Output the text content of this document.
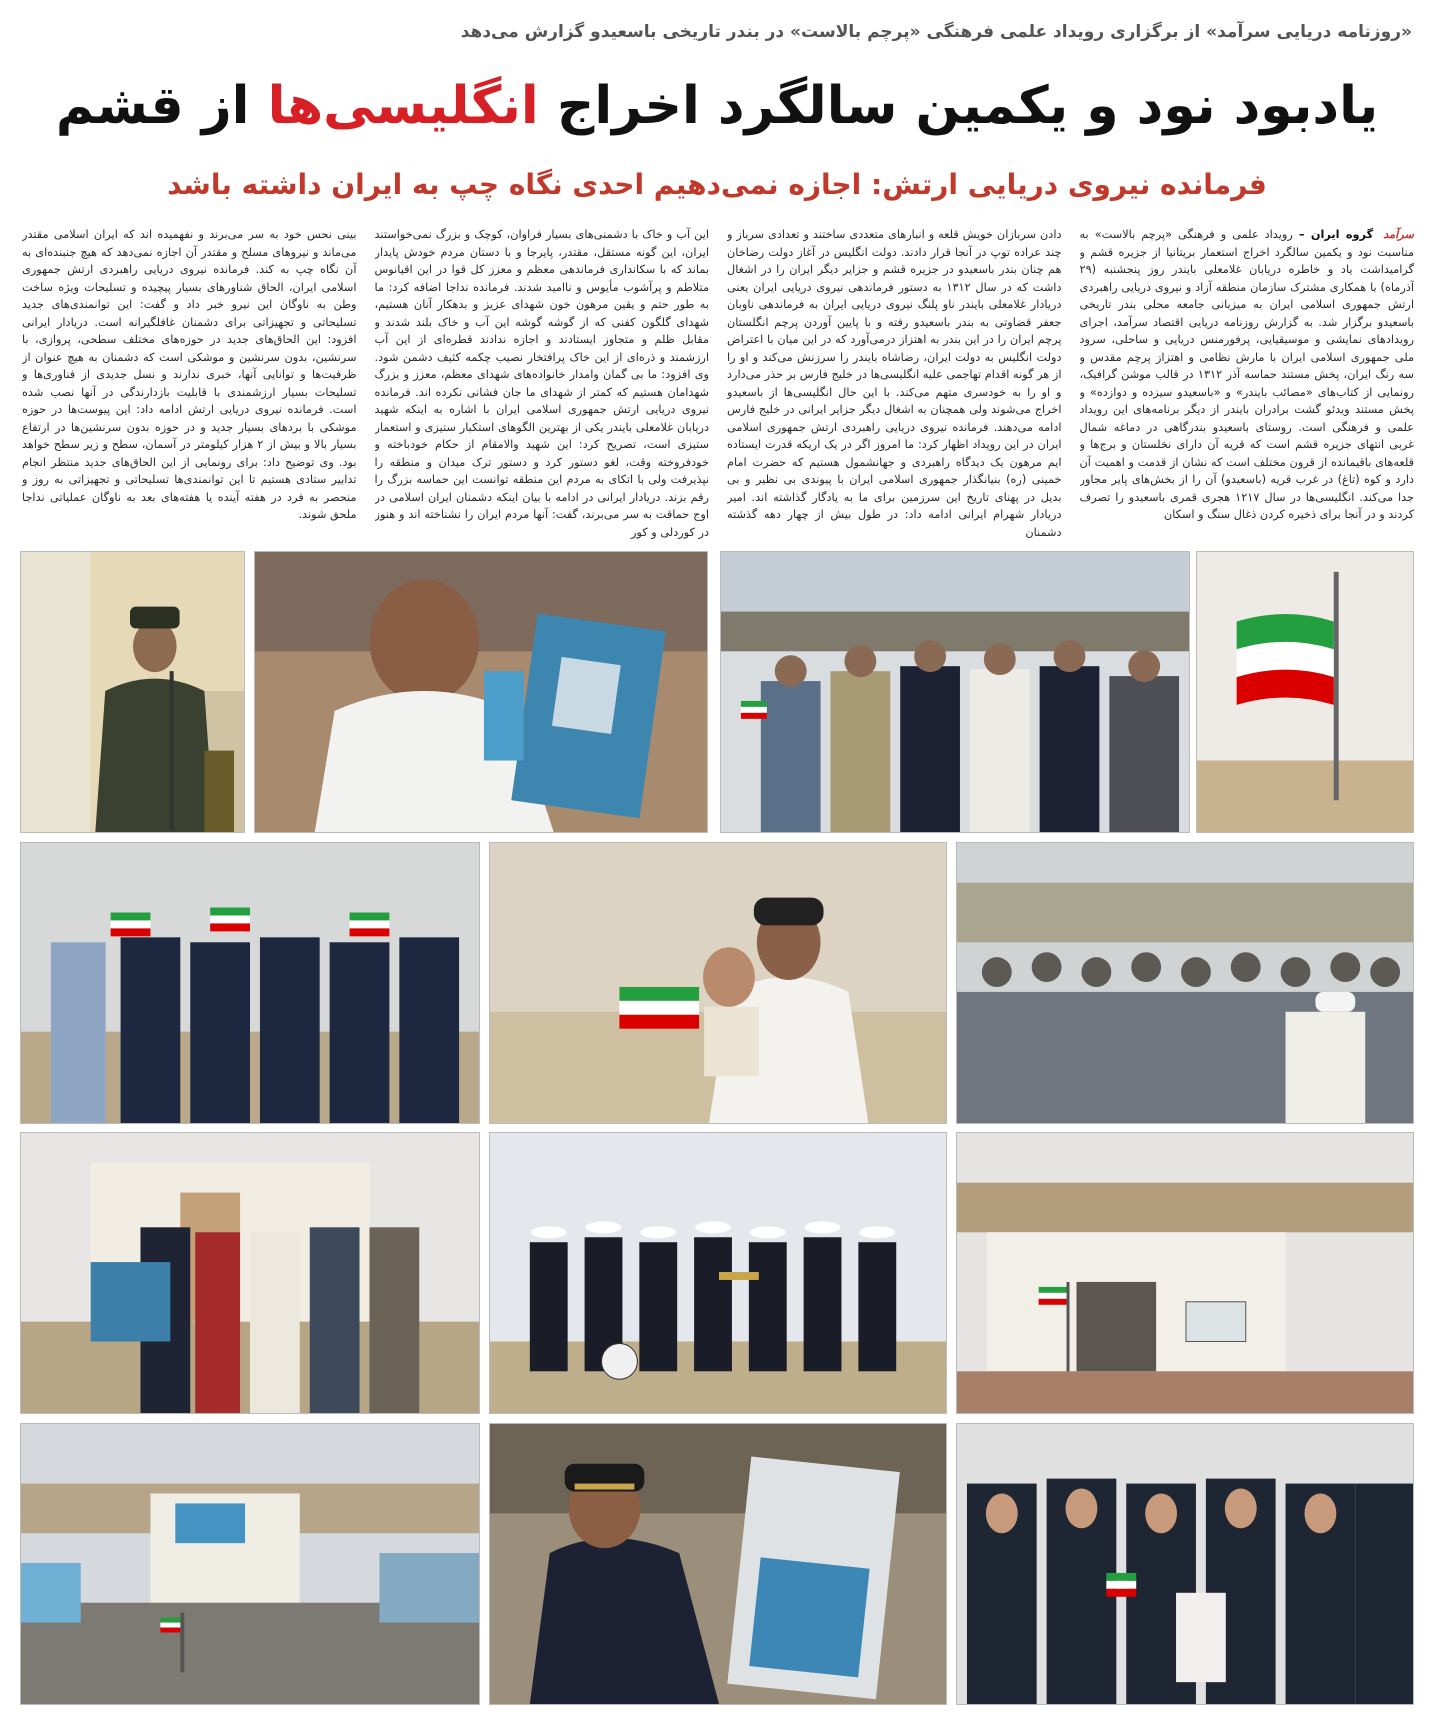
«روزنامه دریایی سرآمد» از برگزاری رویداد علمی فرهنگی «پرچم بالاست» در بندر تاریخی باسعیدو گزارش می‌دهد
یادبود نود و یکمین سالگرد اخراج انگلیسی‌ها از قشم
فرمانده نیروی دریایی ارتش: اجازه نمی‌دهیم احدی نگاه چپ به ایران داشته باشد
سرآمد گروه ایران – رویداد علمی و فرهنگی «پرچم بالاست» به مناسبت نود و یکمین سالگرد اخراج استعمار بریتانیا از جزیره قشم و گرامیداشت یاد و خاطره دریابان غلامعلی بایندر روز پنجشنبه (۲۹ آذرماه) با همکاری مشترک سازمان منطقه آزاد و نیروی دریایی راهبردی ارتش جمهوری اسلامی ایران به میزبانی جامعه محلی بندر تاریخی باسعیدو برگزار شد. به گزارش روزنامه دریایی اقتصاد سرآمد، اجرای رویدادهای نمایشی و موسیقیایی، پرفورمنس دریایی و ساحلی، سرود ملی جمهوری اسلامی ایران با مارش نظامی و اهتزاز پرچم مقدس و سه رنگ ایران، پخش مستند حماسه آذر ۱۳۱۲ در قالب موشن گرافیک، رونمایی از کتاب‌های «مصائب بایندر» و «باسعیدو سیزده و دوازده» و پخش مستند ویدئو گشت برادران بایندر از دیگر برنامه‌های این رویداد علمی و فرهنگی است. روستای باسعیدو بندرگاهی در دماغه شمال غربی انتهای جزیره قشم است که قریه آن دارای نخلستان و برج‌ها و قلعه‌های باقیمانده از قرون مختلف است که نشان از قدمت و اهمیت آن دارد و کوه (تاغ) در غرب قریه (باسعیدو) آن را از بخش‌های پایر مجاور جدا می‌کند. انگلیسی‌ها در سال ۱۲۱۷ هجری قمری باسعیدو را تصرف کردند و در آنجا برای ذخیره کردن ذغال سنگ و اسکان
دادن سربازان خویش قلعه و انبارهای متعددی ساختند و تعدادی سرباز و چند عراده توپ در آنجا قرار دادند. دولت انگلیس در آغاز دولت رضاخان هم چنان بندر باسعیدو در جزیره قشم و جزایر دیگر ایران را در اشغال داشت که در سال ۱۳۱۲ به دستور فرماندهی نیروی دریایی ایران یعنی دریادار غلامعلی بایندر ناو پلنگ نیروی دریایی ایران به فرماندهی ناوبان جعفر قضاوتی به بندر باسعیدو رفته و با پایین آوردن پرچم انگلستان پرچم ایران را در این بندر به اهتزاز درمی‌آورد که در این میان با اعتراض دولت انگلیس به دولت ایران، رضاشاه بایندر را سرزنش می‌کند و او را از هر گونه اقدام تهاجمی علیه انگلیسی‌ها در خلیج فارس بر حذر می‌دارد و او را به خودسری متهم می‌کند. با این حال انگلیسی‌ها از باسعیدو اخراج می‌شوند ولی همچنان به اشغال دیگر جزایر ایرانی در خلیج فارس ادامه می‌دهند. فرمانده نیروی دریایی راهبردی ارتش جمهوری اسلامی ایران در این رویداد اظهار کرد: ما امروز اگر در یک اریکه قدرت ایستاده ایم مرهون یک دیدگاه راهبردی و جهانشمول هستیم که حضرت امام خمینی (ره) بنیانگذار جمهوری اسلامی ایران با پیوندی بی نظیر و بی بدیل در پهنای تاریخ این سرزمین برای ما به یادگار گذاشته اند. امیر دریادار شهرام ایرانی ادامه داد: در طول بیش از چهار دهه گذشته دشمنان
این آب و خاک با دشمنی‌های بسیار فراوان، کوچک و بزرگ نمی‌خواستند ایران، این گونه مستقل، مقتدر، پایرجا و با دستان مردم خودش پایدار بماند که با سکانداری فرماندهی معظم و معزز کل قوا در این اقیانوس متلاطم و پرآشوب مأیوس و ناامید شدند. فرمانده نداجا اضافه کرد: ما به طور حتم و یقین مرهون خون شهدای عزیز و بدهکار آنان هستیم، شهدای گلگون کفنی که از گوشه گوشه این آب و خاک بلند شدند و مقابل ظلم و متجاوز ایستادند و اجازه ندادند قطره‌ای از این آب ارزشمند و ذره‌ای از این خاک پرافتخار نصیب چکمه کثیف دشمن شود. وی افزود: ما بی گمان وامدار خانواده‌های شهدای معظم، معزز و بزرگ شهدامان هستیم که کمتر از شهدای ما جان فشانی نکرده اند. فرمانده نیروی دریایی ارتش جمهوری اسلامی ایران با اشاره به اینکه شهید دریابان غلامعلی بایندر یکی از بهترین الگوهای استکبار ستیزی و استعمار ستیزی است، تصریح کرد: این شهید والامقام از حکام خودباخته و خودفروخته وقت، لغو دستور کرد و دستور ترک میدان و منطقه را نپذیرفت ولی با اتکای به مردم این منطقه توانست این حماسه بزرگ را رقم بزند. دریادار ایرانی در ادامه با بیان اینکه دشمنان ایران اسلامی در اوج حماقت به سر می‌برند، گفت: آنها مردم ایران را نشناخته اند و هنوز در کوردلی و کور
بینی نحس خود به سر می‌برند و نفهمیده اند که ایران اسلامی مقتدر می‌ماند و نیروهای مسلح و مقتدر آن اجازه نمی‌دهد که هیچ جنبنده‌ای به آن نگاه چپ به کند. فرمانده نیروی دریایی راهبردی ارتش جمهوری اسلامی ایران، الحاق شناورهای بسیار پیچیده و تسلیحات ویژه ساخت وطن به ناوگان این نیرو خبر داد و گفت: این توانمندی‌های جدید تسلیحاتی و تجهیزاتی برای دشمنان غافلگیرانه است. دریادار ایرانی افزود: این الحاق‌های جدید در حوزه‌های مختلف سطحی، پروازی، با سرنشین، بدون سرنشین و موشکی است که دشمنان به هیچ عنوان از ظرفیت‌ها و توانایی آنها، خبری ندارند و نسل جدیدی از فناوری‌ها و تسلیحات بسیار ارزشمندی با قابلیت بازدارندگی در آنها نصب شده است. فرمانده نیروی دریایی ارتش ادامه داد: این پیوست‌ها در حوزه موشکی با بردهای بسیار جدید و در حوزه بدون سرنشین‌ها در ارتفاع بسیار بالا و بیش از ۲ هزار کیلومتر در آسمان، سطح و زیر سطح خواهد بود. وی توضیح داد: برای رونمایی از این الحاق‌های جدید منتظر انجام تدابیر ستادی هستیم تا این توانمندی‌ها تسلیحاتی و تجهیزاتی به روز و منحصر به فرد در هفته آینده یا هفته‌های بعد به ناوگان عملیاتی نداجا ملحق شوند.
